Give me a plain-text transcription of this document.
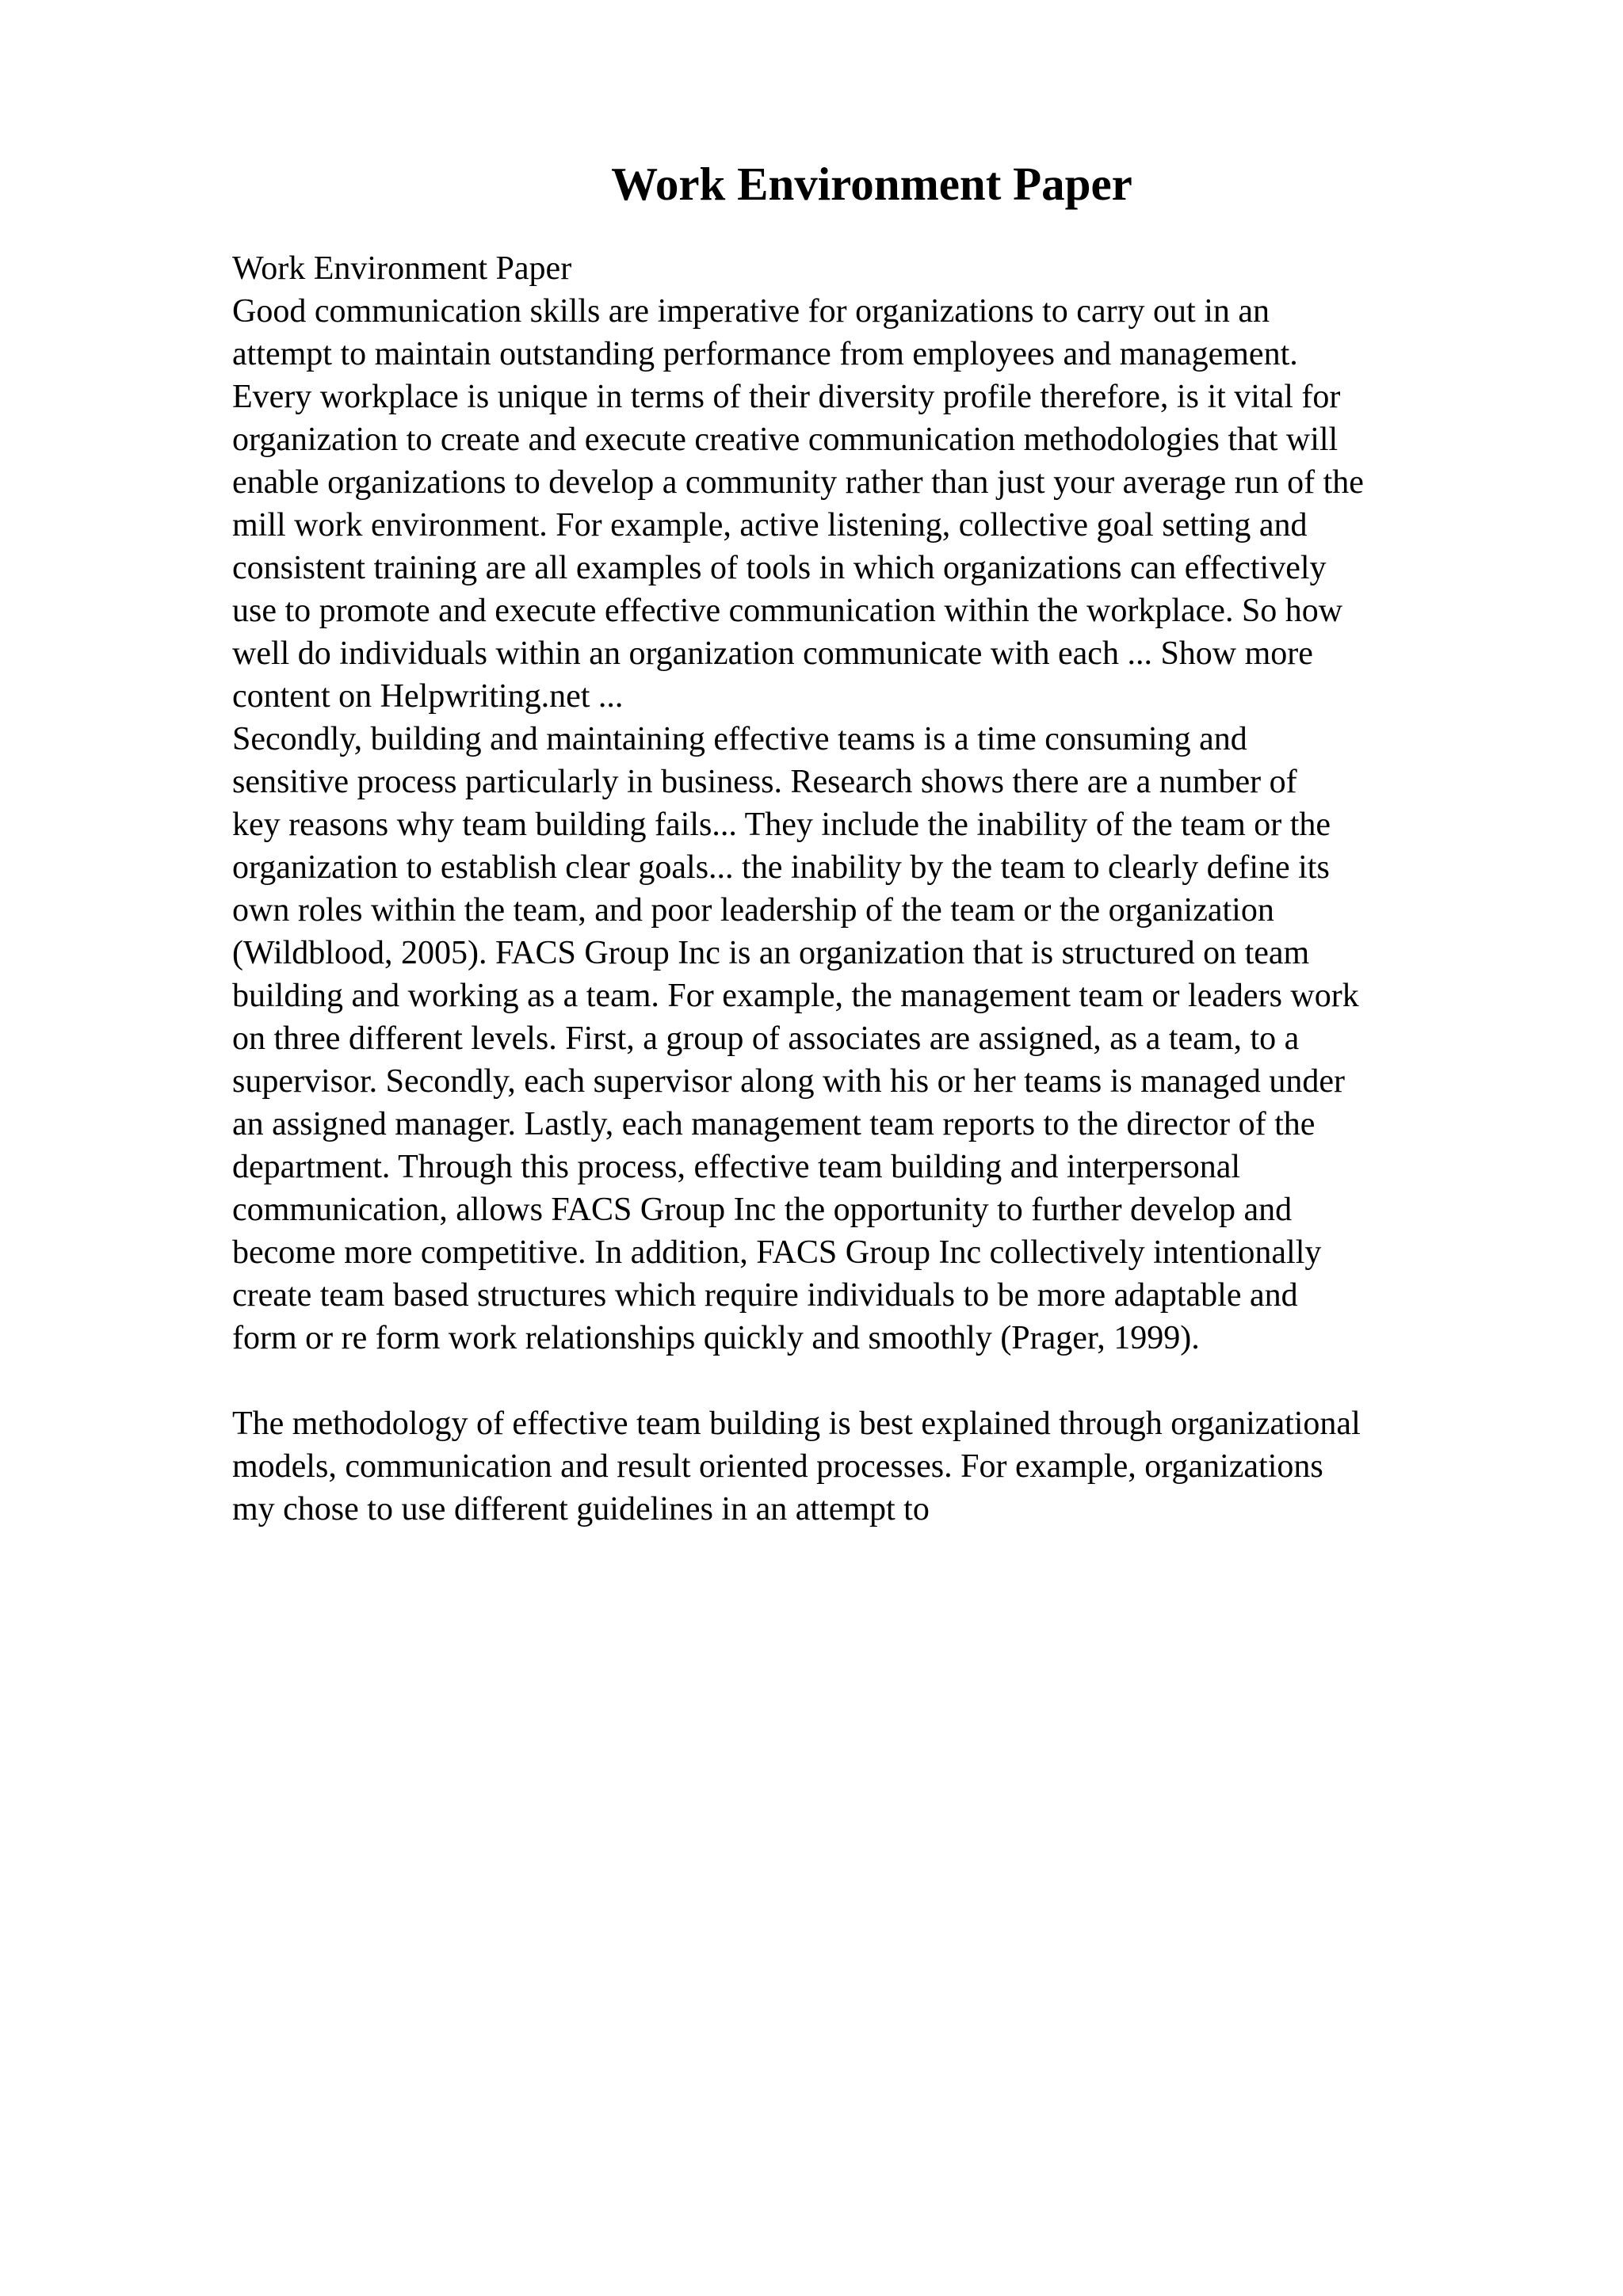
Work Environment Paper
Work Environment Paper
Good communication skills are imperative for organizations to carry out in an
attempt to maintain outstanding performance from employees and management.
Every workplace is unique in terms of their diversity profile therefore, is it vital for
organization to create and execute creative communication methodologies that will
enable organizations to develop a community rather than just your average run of the
mill work environment. For example, active listening, collective goal setting and
consistent training are all examples of tools in which organizations can effectively
use to promote and execute effective communication within the workplace. So how
well do individuals within an organization communicate with each ... Show more
content on Helpwriting.net ...
Secondly, building and maintaining effective teams is a time consuming and
sensitive process particularly in business. Research shows there are a number of
key reasons why team building fails... They include the inability of the team or the
organization to establish clear goals... the inability by the team to clearly define its
own roles within the team, and poor leadership of the team or the organization
(Wildblood, 2005). FACS Group Inc is an organization that is structured on team
building and working as a team. For example, the management team or leaders work
on three different levels. First, a group of associates are assigned, as a team, to a
supervisor. Secondly, each supervisor along with his or her teams is managed under
an assigned manager. Lastly, each management team reports to the director of the
department. Through this process, effective team building and interpersonal
communication, allows FACS Group Inc the opportunity to further develop and
become more competitive. In addition, FACS Group Inc collectively intentionally
create team based structures which require individuals to be more adaptable and
form or re form work relationships quickly and smoothly (Prager, 1999).
The methodology of effective team building is best explained through organizational
models, communication and result oriented processes. For example, organizations
my chose to use different guidelines in an attempt to
